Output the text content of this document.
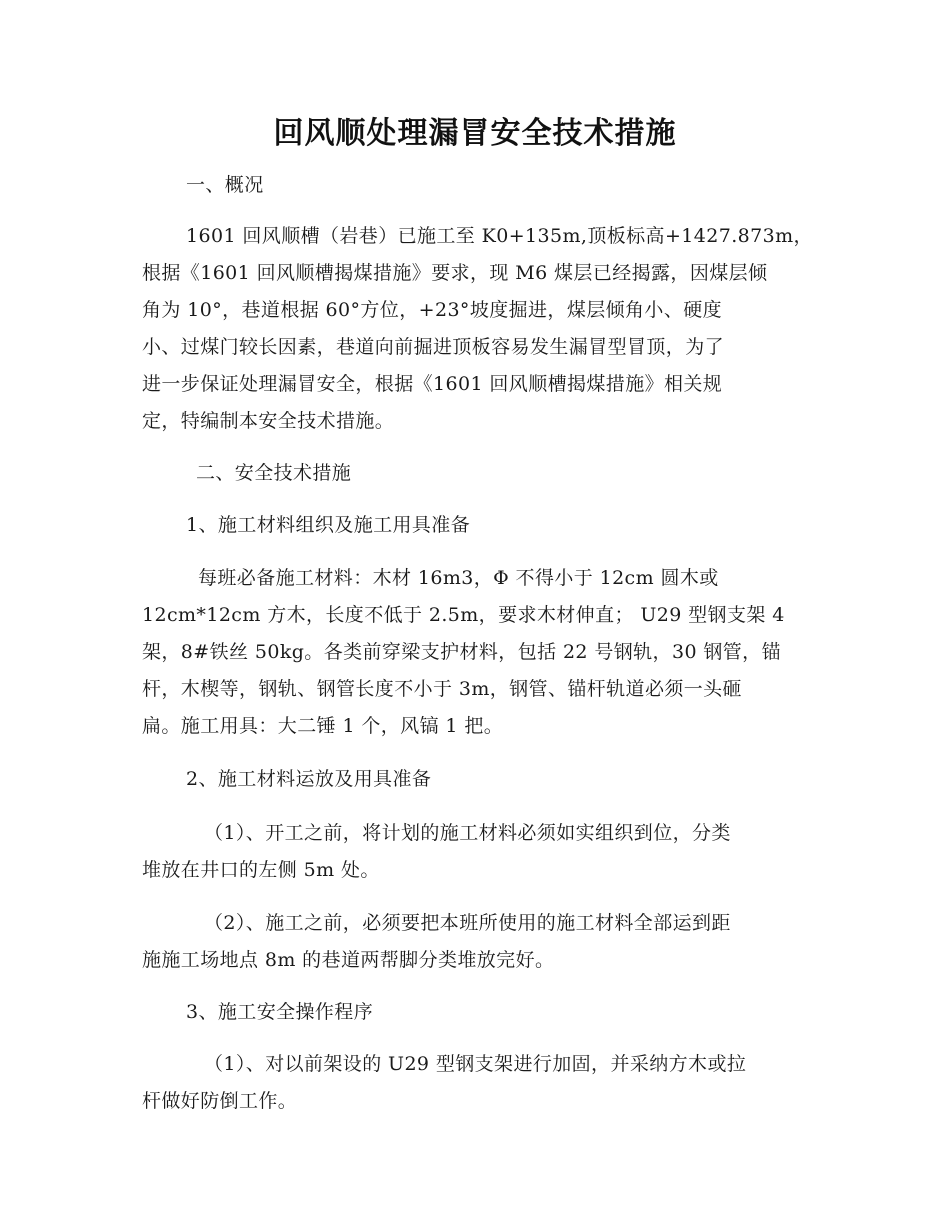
回风顺处理漏冒安全技术措施
一、概况
1601 回风顺槽（岩巷）已施工至 K0+135m,顶板标高+1427.873m，
根据《1601 回风顺槽揭煤措施》要求，现 M6 煤层已经揭露，因煤层倾
角为 10°，巷道根据 60°方位，+23°坡度掘进，煤层倾角小、硬度
小、过煤门较长因素，巷道向前掘进顶板容易发生漏冒型冒顶，为了
进一步保证处理漏冒安全，根据《1601 回风顺槽揭煤措施》相关规
定，特编制本安全技术措施。
二、安全技术措施
1、施工材料组织及施工用具准备
每班必备施工材料：木材 16m3，Φ 不得小于 12cm 圆木或
12cm*12cm 方木，长度不低于 2.5m，要求木材伸直； U29 型钢支架 4
架，8#铁丝 50kg。各类前穿梁支护材料，包括 22 号钢轨，30 钢管，锚
杆，木楔等，钢轨、钢管长度不小于 3m，钢管、锚杆轨道必须一头砸
扁。施工用具：大二锤 1 个，风镐 1 把。
2、施工材料运放及用具准备
（1）、开工之前，将计划的施工材料必须如实组织到位，分类
堆放在井口的左侧 5m 处。
（2）、施工之前，必须要把本班所使用的施工材料全部运到距
施施工场地点 8m 的巷道两帮脚分类堆放完好。
3、施工安全操作程序
（1）、对以前架设的 U29 型钢支架进行加固，并采纳方木或拉
杆做好防倒工作。
